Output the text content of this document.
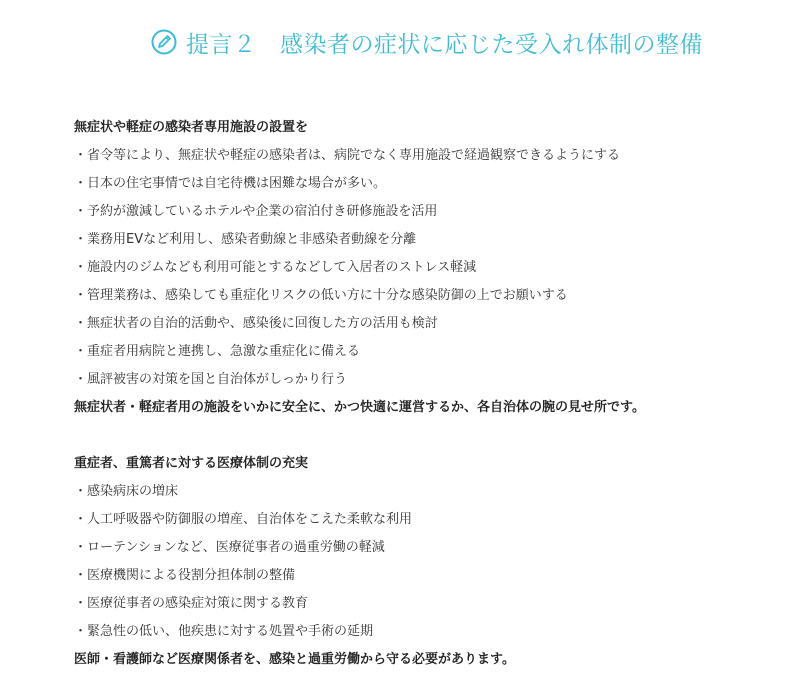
提言２　感染者の症状に応じた受入れ体制の整備
無症状や軽症の感染者専用施設の設置を
・省令等により、無症状や軽症の感染者は、病院でなく専用施設で経過観察できるようにする
・日本の住宅事情では自宅待機は困難な場合が多い。
・予約が激減しているホテルや企業の宿泊付き研修施設を活用
・業務用EVなど利用し、感染者動線と非感染者動線を分離
・施設内のジムなども利用可能とするなどして入居者のストレス軽減
・管理業務は、感染しても重症化リスクの低い方に十分な感染防御の上でお願いする
・無症状者の自治的活動や、感染後に回復した方の活用も検討
・重症者用病院と連携し、急激な重症化に備える
・風評被害の対策を国と自治体がしっかり行う
無症状者・軽症者用の施設をいかに安全に、かつ快適に運営するか、各自治体の腕の見せ所です。
重症者、重篤者に対する医療体制の充実
・感染病床の増床
・人工呼吸器や防御服の増産、自治体をこえた柔軟な利用
・ローテンションなど、医療従事者の過重労働の軽減
・医療機関による役割分担体制の整備
・医療従事者の感染症対策に関する教育
・緊急性の低い、他疾患に対する処置や手術の延期
医師・看護師など医療関係者を、感染と過重労働から守る必要があります。
